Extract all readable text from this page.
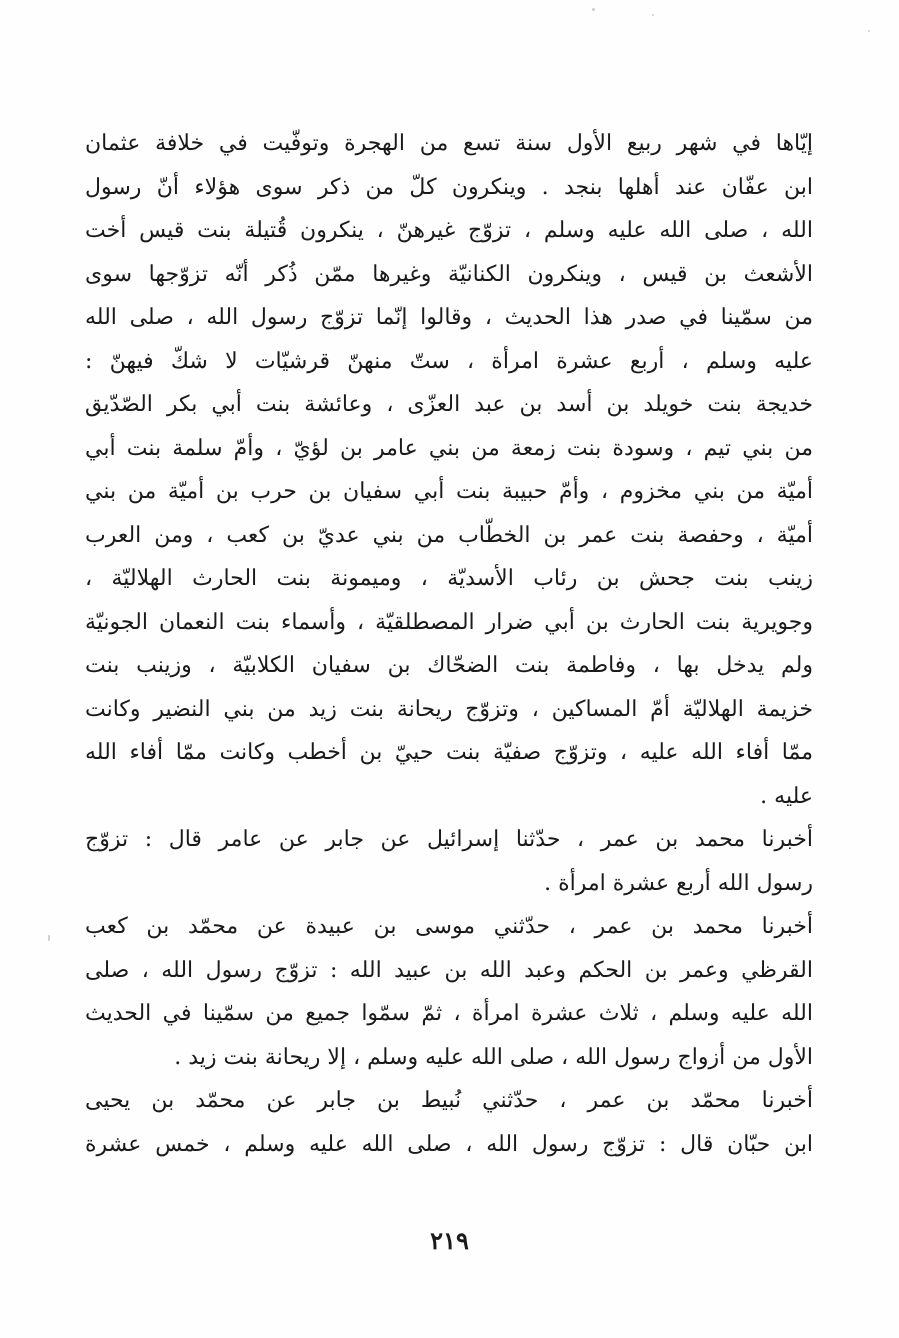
إيّاها في شهر ربيع الأول سنة تسع من الهجرة وتوفّيت في خلافة عثمان
ابن عفّان عند أهلها بنجد . وينكرون كلّ من ذكر سوى هؤلاء أنّ رسول
الله ، صلى الله عليه وسلم ، تزوّج غيرهنّ ، ينكرون قُتيلة بنت قيس أخت
الأشعث بن قيس ، وينكرون الكنانيّة وغيرها ممّن ذُكر أنّه تزوّجها سوى
من سمّينا في صدر هذا الحديث ، وقالوا إنّما تزوّج رسول الله ، صلى الله
عليه وسلم ، أربع عشرة امرأة ، ستّ منهنّ قرشيّات لا شكّ فيهنّ :
خديجة بنت خويلد بن أسد بن عبد العزّى ، وعائشة بنت أبي بكر الصّدّيق
من بني تيم ، وسودة بنت زمعة من بني عامر بن لؤيّ ، وأمّ سلمة بنت أبي
أميّة من بني مخزوم ، وأمّ حبيبة بنت أبي سفيان بن حرب بن أميّة من بني
أميّة ، وحفصة بنت عمر بن الخطّاب من بني عديّ بن كعب ، ومن العرب
زينب بنت جحش بن رئاب الأسديّة ، وميمونة بنت الحارث الهلاليّة ،
وجويرية بنت الحارث بن أبي ضرار المصطلقيّة ، وأسماء بنت النعمان الجونيّة
ولم يدخل بها ، وفاطمة بنت الضحّاك بن سفيان الكلابيّة ، وزينب بنت
خزيمة الهلاليّة أمّ المساكين ، وتزوّج ريحانة بنت زيد من بني النضير وكانت
ممّا أفاء الله عليه ، وتزوّج صفيّة بنت حييّ بن أخطب وكانت ممّا أفاء الله
عليه .
أخبرنا محمد بن عمر ، حدّثنا إسرائيل عن جابر عن عامر قال : تزوّج
رسول الله أربع عشرة امرأة .
أخبرنا محمد بن عمر ، حدّثني موسى بن عبيدة عن محمّد بن كعب
القرظي وعمر بن الحكم وعبد الله بن عبيد الله : تزوّج رسول الله ، صلى
الله عليه وسلم ، ثلاث عشرة امرأة ، ثمّ سمّوا جميع من سمّينا في الحديث
الأول من أزواج رسول الله ، صلى الله عليه وسلم ، إلا ريحانة بنت زيد .
أخبرنا محمّد بن عمر ، حدّثني نُبيط بن جابر عن محمّد بن يحيى
ابن حبّان قال : تزوّج رسول الله ، صلى الله عليه وسلم ، خمس عشرة
٢١٩
